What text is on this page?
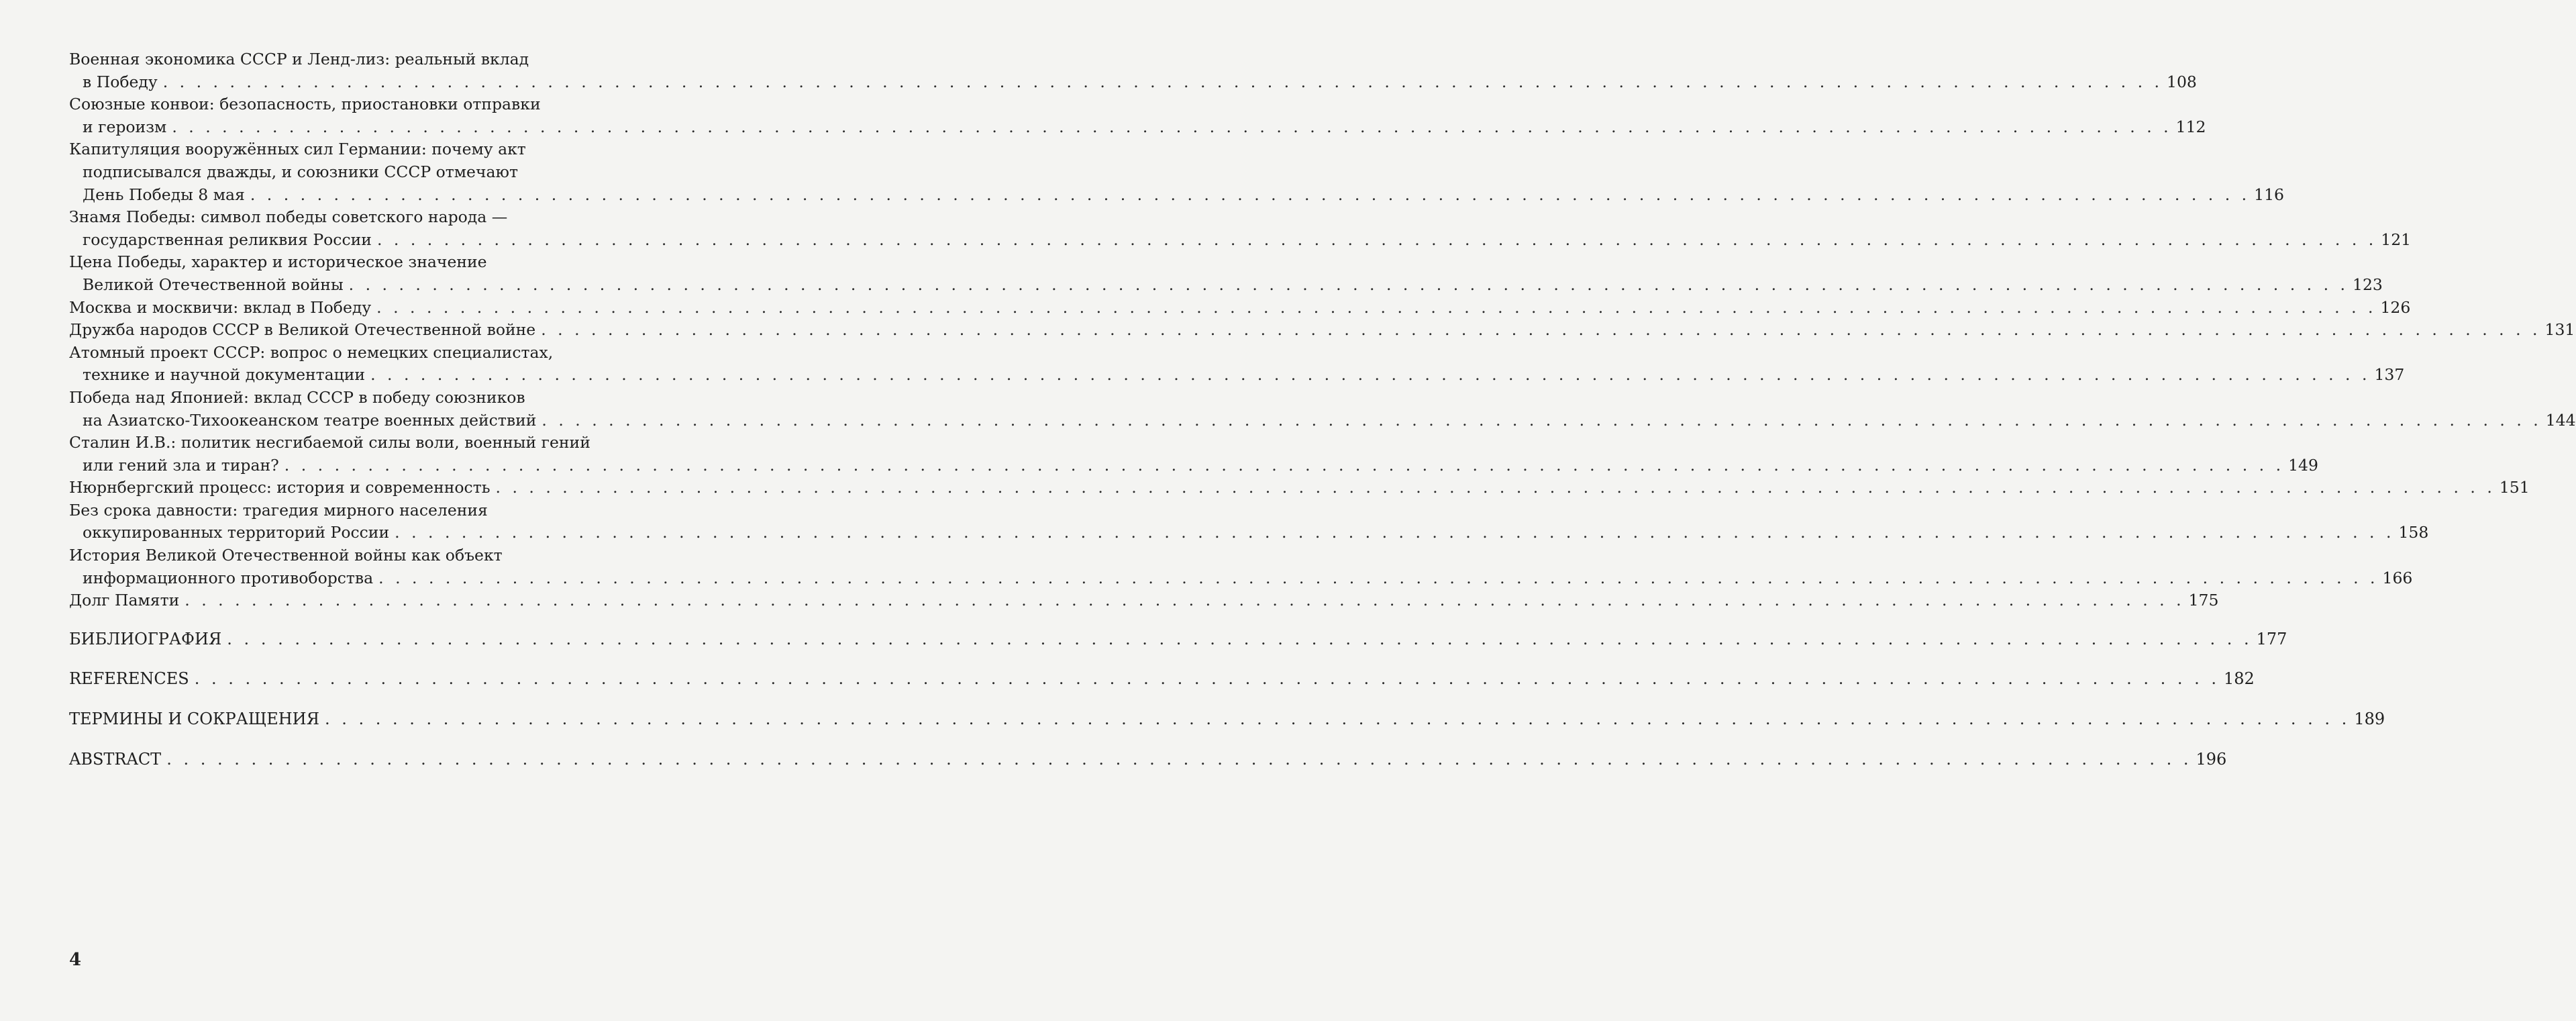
Военная экономика СССР и Ленд-лиз: реальный вклад
в Победу . . . . . . . . . . . . . . . . . . . . . . . . . . . . . . . . . . . . . . . . . . . . . . . . . . . . . . . . . . . . . . . . . . . . . . . . . . . . . . . . . . . . . . . . . . . . . . . . . . . . . . . . . . . . . . . . . . . . . . . . 108
Союзные конвои: безопасность, приостановки отправки
и героизм . . . . . . . . . . . . . . . . . . . . . . . . . . . . . . . . . . . . . . . . . . . . . . . . . . . . . . . . . . . . . . . . . . . . . . . . . . . . . . . . . . . . . . . . . . . . . . . . . . . . . . . . . . . . . . . . . . . . . . . . 112
Капитуляция вооружённых сил Германии: почему акт
подписывался дважды, и союзники СССР отмечают
День Победы 8 мая . . . . . . . . . . . . . . . . . . . . . . . . . . . . . . . . . . . . . . . . . . . . . . . . . . . . . . . . . . . . . . . . . . . . . . . . . . . . . . . . . . . . . . . . . . . . . . . . . . . . . . . . . . . . . . . . . . . . . . . . 116
Знамя Победы: символ победы советского народа —
государственная реликвия России . . . . . . . . . . . . . . . . . . . . . . . . . . . . . . . . . . . . . . . . . . . . . . . . . . . . . . . . . . . . . . . . . . . . . . . . . . . . . . . . . . . . . . . . . . . . . . . . . . . . . . . . . . . . . . . . . . . . . . . . 121
Цена Победы, характер и историческое значение
Великой Отечественной войны . . . . . . . . . . . . . . . . . . . . . . . . . . . . . . . . . . . . . . . . . . . . . . . . . . . . . . . . . . . . . . . . . . . . . . . . . . . . . . . . . . . . . . . . . . . . . . . . . . . . . . . . . . . . . . . . . . . . . . . . 123
Москва и москвичи: вклад в Победу . . . . . . . . . . . . . . . . . . . . . . . . . . . . . . . . . . . . . . . . . . . . . . . . . . . . . . . . . . . . . . . . . . . . . . . . . . . . . . . . . . . . . . . . . . . . . . . . . . . . . . . . . . . . . . . . . . . . . . . . 126
Дружба народов СССР в Великой Отечественной войне . . . . . . . . . . . . . . . . . . . . . . . . . . . . . . . . . . . . . . . . . . . . . . . . . . . . . . . . . . . . . . . . . . . . . . . . . . . . . . . . . . . . . . . . . . . . . . . . . . . . . . . . . . . . . . . . . . . . . . . . 131
Атомный проект СССР: вопрос о немецких специалистах,
технике и научной документации . . . . . . . . . . . . . . . . . . . . . . . . . . . . . . . . . . . . . . . . . . . . . . . . . . . . . . . . . . . . . . . . . . . . . . . . . . . . . . . . . . . . . . . . . . . . . . . . . . . . . . . . . . . . . . . . . . . . . . . . 137
Победа над Японией: вклад СССР в победу союзников
на Азиатско-Тихоокеанском театре военных действий . . . . . . . . . . . . . . . . . . . . . . . . . . . . . . . . . . . . . . . . . . . . . . . . . . . . . . . . . . . . . . . . . . . . . . . . . . . . . . . . . . . . . . . . . . . . . . . . . . . . . . . . . . . . . . . . . . . . . . . . 144
Сталин И.В.: политик несгибаемой силы воли, военный гений
или гений зла и тиран? . . . . . . . . . . . . . . . . . . . . . . . . . . . . . . . . . . . . . . . . . . . . . . . . . . . . . . . . . . . . . . . . . . . . . . . . . . . . . . . . . . . . . . . . . . . . . . . . . . . . . . . . . . . . . . . . . . . . . . . . 149
Нюрнбергский процесс: история и современность . . . . . . . . . . . . . . . . . . . . . . . . . . . . . . . . . . . . . . . . . . . . . . . . . . . . . . . . . . . . . . . . . . . . . . . . . . . . . . . . . . . . . . . . . . . . . . . . . . . . . . . . . . . . . . . . . . . . . . . . 151
Без срока давности: трагедия мирного населения
оккупированных территорий России . . . . . . . . . . . . . . . . . . . . . . . . . . . . . . . . . . . . . . . . . . . . . . . . . . . . . . . . . . . . . . . . . . . . . . . . . . . . . . . . . . . . . . . . . . . . . . . . . . . . . . . . . . . . . . . . . . . . . . . . 158
История Великой Отечественной войны как объект
информационного противоборства . . . . . . . . . . . . . . . . . . . . . . . . . . . . . . . . . . . . . . . . . . . . . . . . . . . . . . . . . . . . . . . . . . . . . . . . . . . . . . . . . . . . . . . . . . . . . . . . . . . . . . . . . . . . . . . . . . . . . . . . 166
Долг Памяти . . . . . . . . . . . . . . . . . . . . . . . . . . . . . . . . . . . . . . . . . . . . . . . . . . . . . . . . . . . . . . . . . . . . . . . . . . . . . . . . . . . . . . . . . . . . . . . . . . . . . . . . . . . . . . . . . . . . . . . . 175
БИБЛИОГРАФИЯ . . . . . . . . . . . . . . . . . . . . . . . . . . . . . . . . . . . . . . . . . . . . . . . . . . . . . . . . . . . . . . . . . . . . . . . . . . . . . . . . . . . . . . . . . . . . . . . . . . . . . . . . . . . . . . . . . . . . . . . . 177
REFERENCES . . . . . . . . . . . . . . . . . . . . . . . . . . . . . . . . . . . . . . . . . . . . . . . . . . . . . . . . . . . . . . . . . . . . . . . . . . . . . . . . . . . . . . . . . . . . . . . . . . . . . . . . . . . . . . . . . . . . . . . . 182
ТЕРМИНЫ И СОКРАЩЕНИЯ . . . . . . . . . . . . . . . . . . . . . . . . . . . . . . . . . . . . . . . . . . . . . . . . . . . . . . . . . . . . . . . . . . . . . . . . . . . . . . . . . . . . . . . . . . . . . . . . . . . . . . . . . . . . . . . . . . . . . . . . 189
ABSTRACT . . . . . . . . . . . . . . . . . . . . . . . . . . . . . . . . . . . . . . . . . . . . . . . . . . . . . . . . . . . . . . . . . . . . . . . . . . . . . . . . . . . . . . . . . . . . . . . . . . . . . . . . . . . . . . . . . . . . . . . . 196
4
